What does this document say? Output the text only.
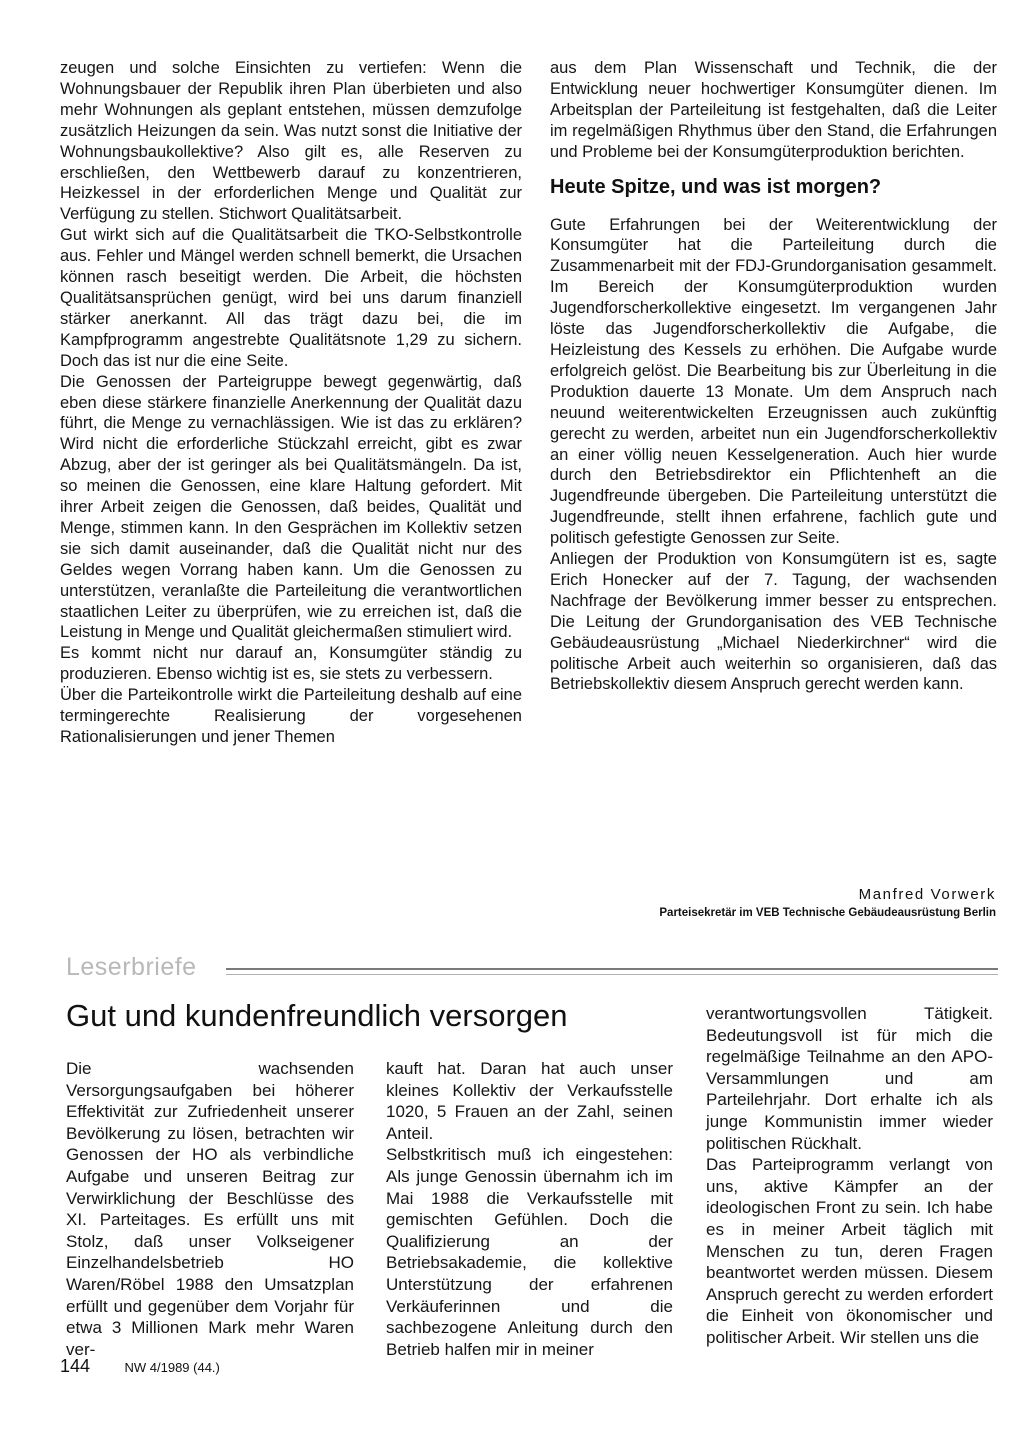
zeugen und solche Einsichten zu vertiefen: Wenn die Wohnungsbauer der Republik ihren Plan überbieten und also mehr Wohnungen als geplant entstehen, müssen demzufolge zusätzlich Heizungen da sein. Was nutzt sonst die Initiative der Wohnungsbaukollektive? Also gilt es, alle Reserven zu erschließen, den Wettbewerb darauf zu konzentrieren, Heizkessel in der erforderlichen Menge und Qualität zur Verfügung zu stellen. Stichwort Qualitätsarbeit.

Gut wirkt sich auf die Qualitätsarbeit die TKO-Selbstkontrolle aus. Fehler und Mängel werden schnell bemerkt, die Ursachen können rasch beseitigt werden. Die Arbeit, die höchsten Qualitätsansprüchen genügt, wird bei uns darum finanziell stärker anerkannt. All das trägt dazu bei, die im Kampfprogramm angestrebte Qualitätsnote 1,29 zu sichern. Doch das ist nur die eine Seite.

Die Genossen der Parteigruppe bewegt gegenwärtig, daß eben diese stärkere finanzielle Anerkennung der Qualität dazu führt, die Menge zu vernachlässigen. Wie ist das zu erklären? Wird nicht die erforderliche Stückzahl erreicht, gibt es zwar Abzug, aber der ist geringer als bei Qualitätsmängeln. Da ist, so meinen die Genossen, eine klare Haltung gefordert. Mit ihrer Arbeit zeigen die Genossen, daß beides, Qualität und Menge, stimmen kann. In den Gesprächen im Kollektiv setzen sie sich damit auseinander, daß die Qualität nicht nur des Geldes wegen Vorrang haben kann. Um die Genossen zu unterstützen, veranlaßte die Parteileitung die verantwortlichen staatlichen Leiter zu überprüfen, wie zu erreichen ist, daß die Leistung in Menge und Qualität gleichermaßen stimuliert wird.

Es kommt nicht nur darauf an, Konsumgüter ständig zu produzieren. Ebenso wichtig ist es, sie stets zu verbessern.

Über die Parteikontrolle wirkt die Parteileitung deshalb auf eine termingerechte Realisierung der vorgesehenen Rationalisierungen und jener Themen

aus dem Plan Wissenschaft und Technik, die der Entwicklung neuer hochwertiger Konsumgüter dienen. Im Arbeitsplan der Parteileitung ist festgehalten, daß die Leiter im regelmäßigen Rhythmus über den Stand, die Erfahrungen und Probleme bei der Konsumgüterproduktion berichten.

Heute Spitze, und was ist morgen?

Gute Erfahrungen bei der Weiterentwicklung der Konsumgüter hat die Parteileitung durch die Zusammenarbeit mit der FDJ-Grundorganisation gesammelt. Im Bereich der Konsumgüterproduktion wurden Jugendforscherkollektive eingesetzt. Im vergangenen Jahr löste das Jugendforscherkollektiv die Aufgabe, die Heizleistung des Kessels zu erhöhen. Die Aufgabe wurde erfolgreich gelöst. Die Bearbeitung bis zur Überleitung in die Produktion dauerte 13 Monate. Um dem Anspruch nach neuund weiterentwickelten Erzeugnissen auch zukünftig gerecht zu werden, arbeitet nun ein Jugendforscherkollektiv an einer völlig neuen Kesselgeneration. Auch hier wurde durch den Betriebsdirektor ein Pflichtenheft an die Jugendfreunde übergeben. Die Parteileitung unterstützt die Jugendfreunde, stellt ihnen erfahrene, fachlich gute und politisch gefestigte Genossen zur Seite.

Anliegen der Produktion von Konsumgütern ist es, sagte Erich Honecker auf der 7. Tagung, der wachsenden Nachfrage der Bevölkerung immer besser zu entsprechen. Die Leitung der Grundorganisation des VEB Technische Gebäudeausrüstung „Michael Niederkirchner“ wird die politische Arbeit auch weiterhin so organisieren, daß das Betriebskollektiv diesem Anspruch gerecht werden kann.

Manfred Vorwerk
Parteisekretär im VEB Technische Gebäudeausrüstung Berlin
Leserbriefe
Gut und kundenfreundlich versorgen

Die wachsenden Versorgungsaufgaben bei höherer Effektivität zur Zufriedenheit unserer Bevölkerung zu lösen, betrachten wir Genossen der HO als verbindliche Aufgabe und unseren Beitrag zur Verwirklichung der Beschlüsse des XI. Parteitages. Es erfüllt uns mit Stolz, daß unser Volkseigener Einzelhandelsbetrieb HO Waren/Röbel 1988 den Umsatzplan erfüllt und gegenüber dem Vorjahr für etwa 3 Millionen Mark mehr Waren ver-

kauft hat. Daran hat auch unser kleines Kollektiv der Verkaufsstelle 1020, 5 Frauen an der Zahl, seinen Anteil.

Selbstkritisch muß ich eingestehen: Als junge Genossin übernahm ich im Mai 1988 die Verkaufsstelle mit gemischten Gefühlen. Doch die Qualifizierung an der Betriebsakademie, die kollektive Unterstützung der erfahrenen Verkäuferinnen und die sachbezogene Anleitung durch den Betrieb halfen mir in meiner

verantwortungsvollen Tätigkeit. Bedeutungsvoll ist für mich die regelmäßige Teilnahme an den APO-Versammlungen und am Parteilehrjahr. Dort erhalte ich als junge Kommunistin immer wieder politischen Rückhalt.

Das Parteiprogramm verlangt von uns, aktive Kämpfer an der ideologischen Front zu sein. Ich habe es in meiner Arbeit täglich mit Menschen zu tun, deren Fragen beantwortet werden müssen. Diesem Anspruch gerecht zu werden erfordert die Einheit von ökonomischer und politischer Arbeit. Wir stellen uns die

144	NW 4/1989 (44.)
